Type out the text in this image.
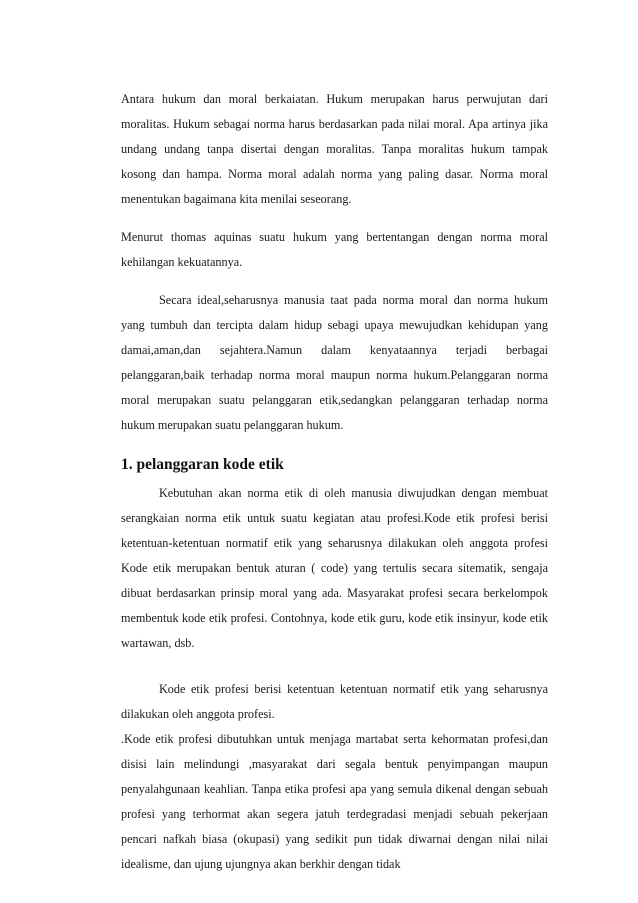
Antara hukum dan moral berkaiatan. Hukum merupakan harus perwujutan dari moralitas. Hukum sebagai norma harus berdasarkan pada nilai moral. Apa artinya jika undang undang tanpa disertai dengan moralitas. Tanpa moralitas hukum tampak kosong dan hampa. Norma moral adalah norma yang paling dasar. Norma moral menentukan bagaimana kita menilai seseorang.

Menurut thomas aquinas suatu hukum yang bertentangan dengan norma moral kehilangan kekuatannya.

Secara ideal,seharusnya manusia taat pada norma moral dan norma hukum yang tumbuh dan tercipta dalam hidup sebagi upaya mewujudkan kehidupan yang damai,aman,dan sejahtera.Namun dalam kenyataannya terjadi berbagai pelanggaran,baik terhadap norma moral maupun norma hukum.Pelanggaran norma moral merupakan suatu pelanggaran etik,sedangkan pelanggaran terhadap norma hukum merupakan suatu pelanggaran hukum.

1. pelanggaran kode etik

Kebutuhan akan norma etik di oleh manusia diwujudkan dengan membuat serangkaian norma etik untuk suatu kegiatan atau profesi.Kode etik profesi berisi ketentuan-ketentuan normatif etik yang seharusnya dilakukan oleh anggota profesi Kode etik merupakan bentuk aturan ( code) yang tertulis secara sitematik, sengaja dibuat berdasarkan prinsip moral yang ada. Masyarakat profesi secara berkelompok membentuk kode etik profesi. Contohnya, kode etik guru, kode etik insinyur, kode etik wartawan, dsb.

Kode etik profesi berisi ketentuan ketentuan normatif etik yang seharusnya dilakukan oleh anggota profesi.

.Kode etik profesi dibutuhkan untuk menjaga martabat serta kehormatan profesi,dan disisi lain melindungi ,masyarakat dari segala bentuk penyimpangan maupun penyalahgunaan keahlian. Tanpa etika profesi apa yang semula dikenal dengan sebuah profesi yang terhormat akan segera jatuh terdegradasi menjadi sebuah pekerjaan pencari nafkah biasa (okupasi) yang sedikit pun tidak diwarnai dengan nilai nilai idealisme, dan ujung ujungnya akan berkhir dengan tidak
